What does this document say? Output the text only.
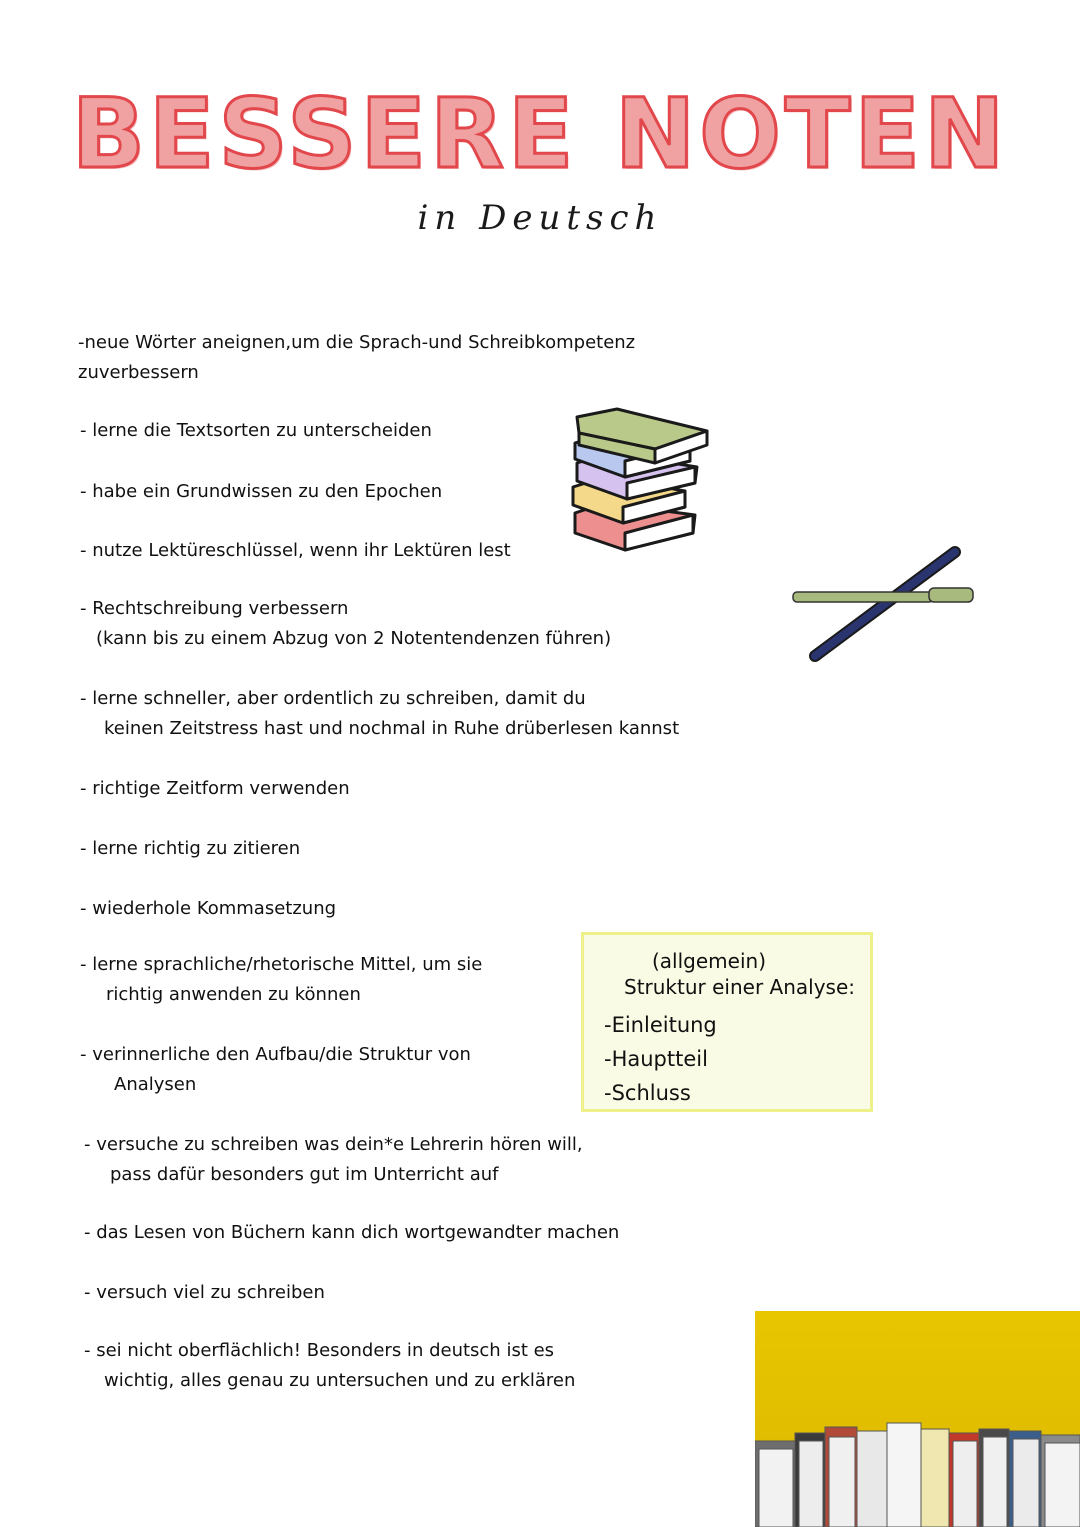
BESSERE NOTEN
in Deutsch
-neue Wörter aneignen,um die Sprach-und Schreibkompetenz
zuverbessern
- lerne die Textsorten zu unterscheiden
- habe ein Grundwissen zu den Epochen
- nutze Lektüreschlüssel, wenn ihr Lektüren lest
- Rechtschreibung verbessern
(kann bis zu einem Abzug von 2 Notentendenzen führen)
- lerne schneller, aber ordentlich zu schreiben, damit du
keinen Zeitstress hast und nochmal in Ruhe drüberlesen kannst
- richtige Zeitform verwenden
- lerne richtig zu zitieren
- wiederhole Kommasetzung
- lerne sprachliche/rhetorische Mittel, um sie
richtig anwenden zu können
- verinnerliche den Aufbau/die Struktur von
Analysen
- versuche zu schreiben was dein*e Lehrerin hören will,
pass dafür besonders gut im Unterricht auf
- das Lesen von Büchern kann dich wortgewandter machen
- versuch viel zu schreiben
- sei nicht oberflächlich! Besonders in deutsch ist es
wichtig, alles genau zu untersuchen und zu erklären
(allgemein)
Struktur einer Analyse:
-Einleitung
-Hauptteil
-Schluss
